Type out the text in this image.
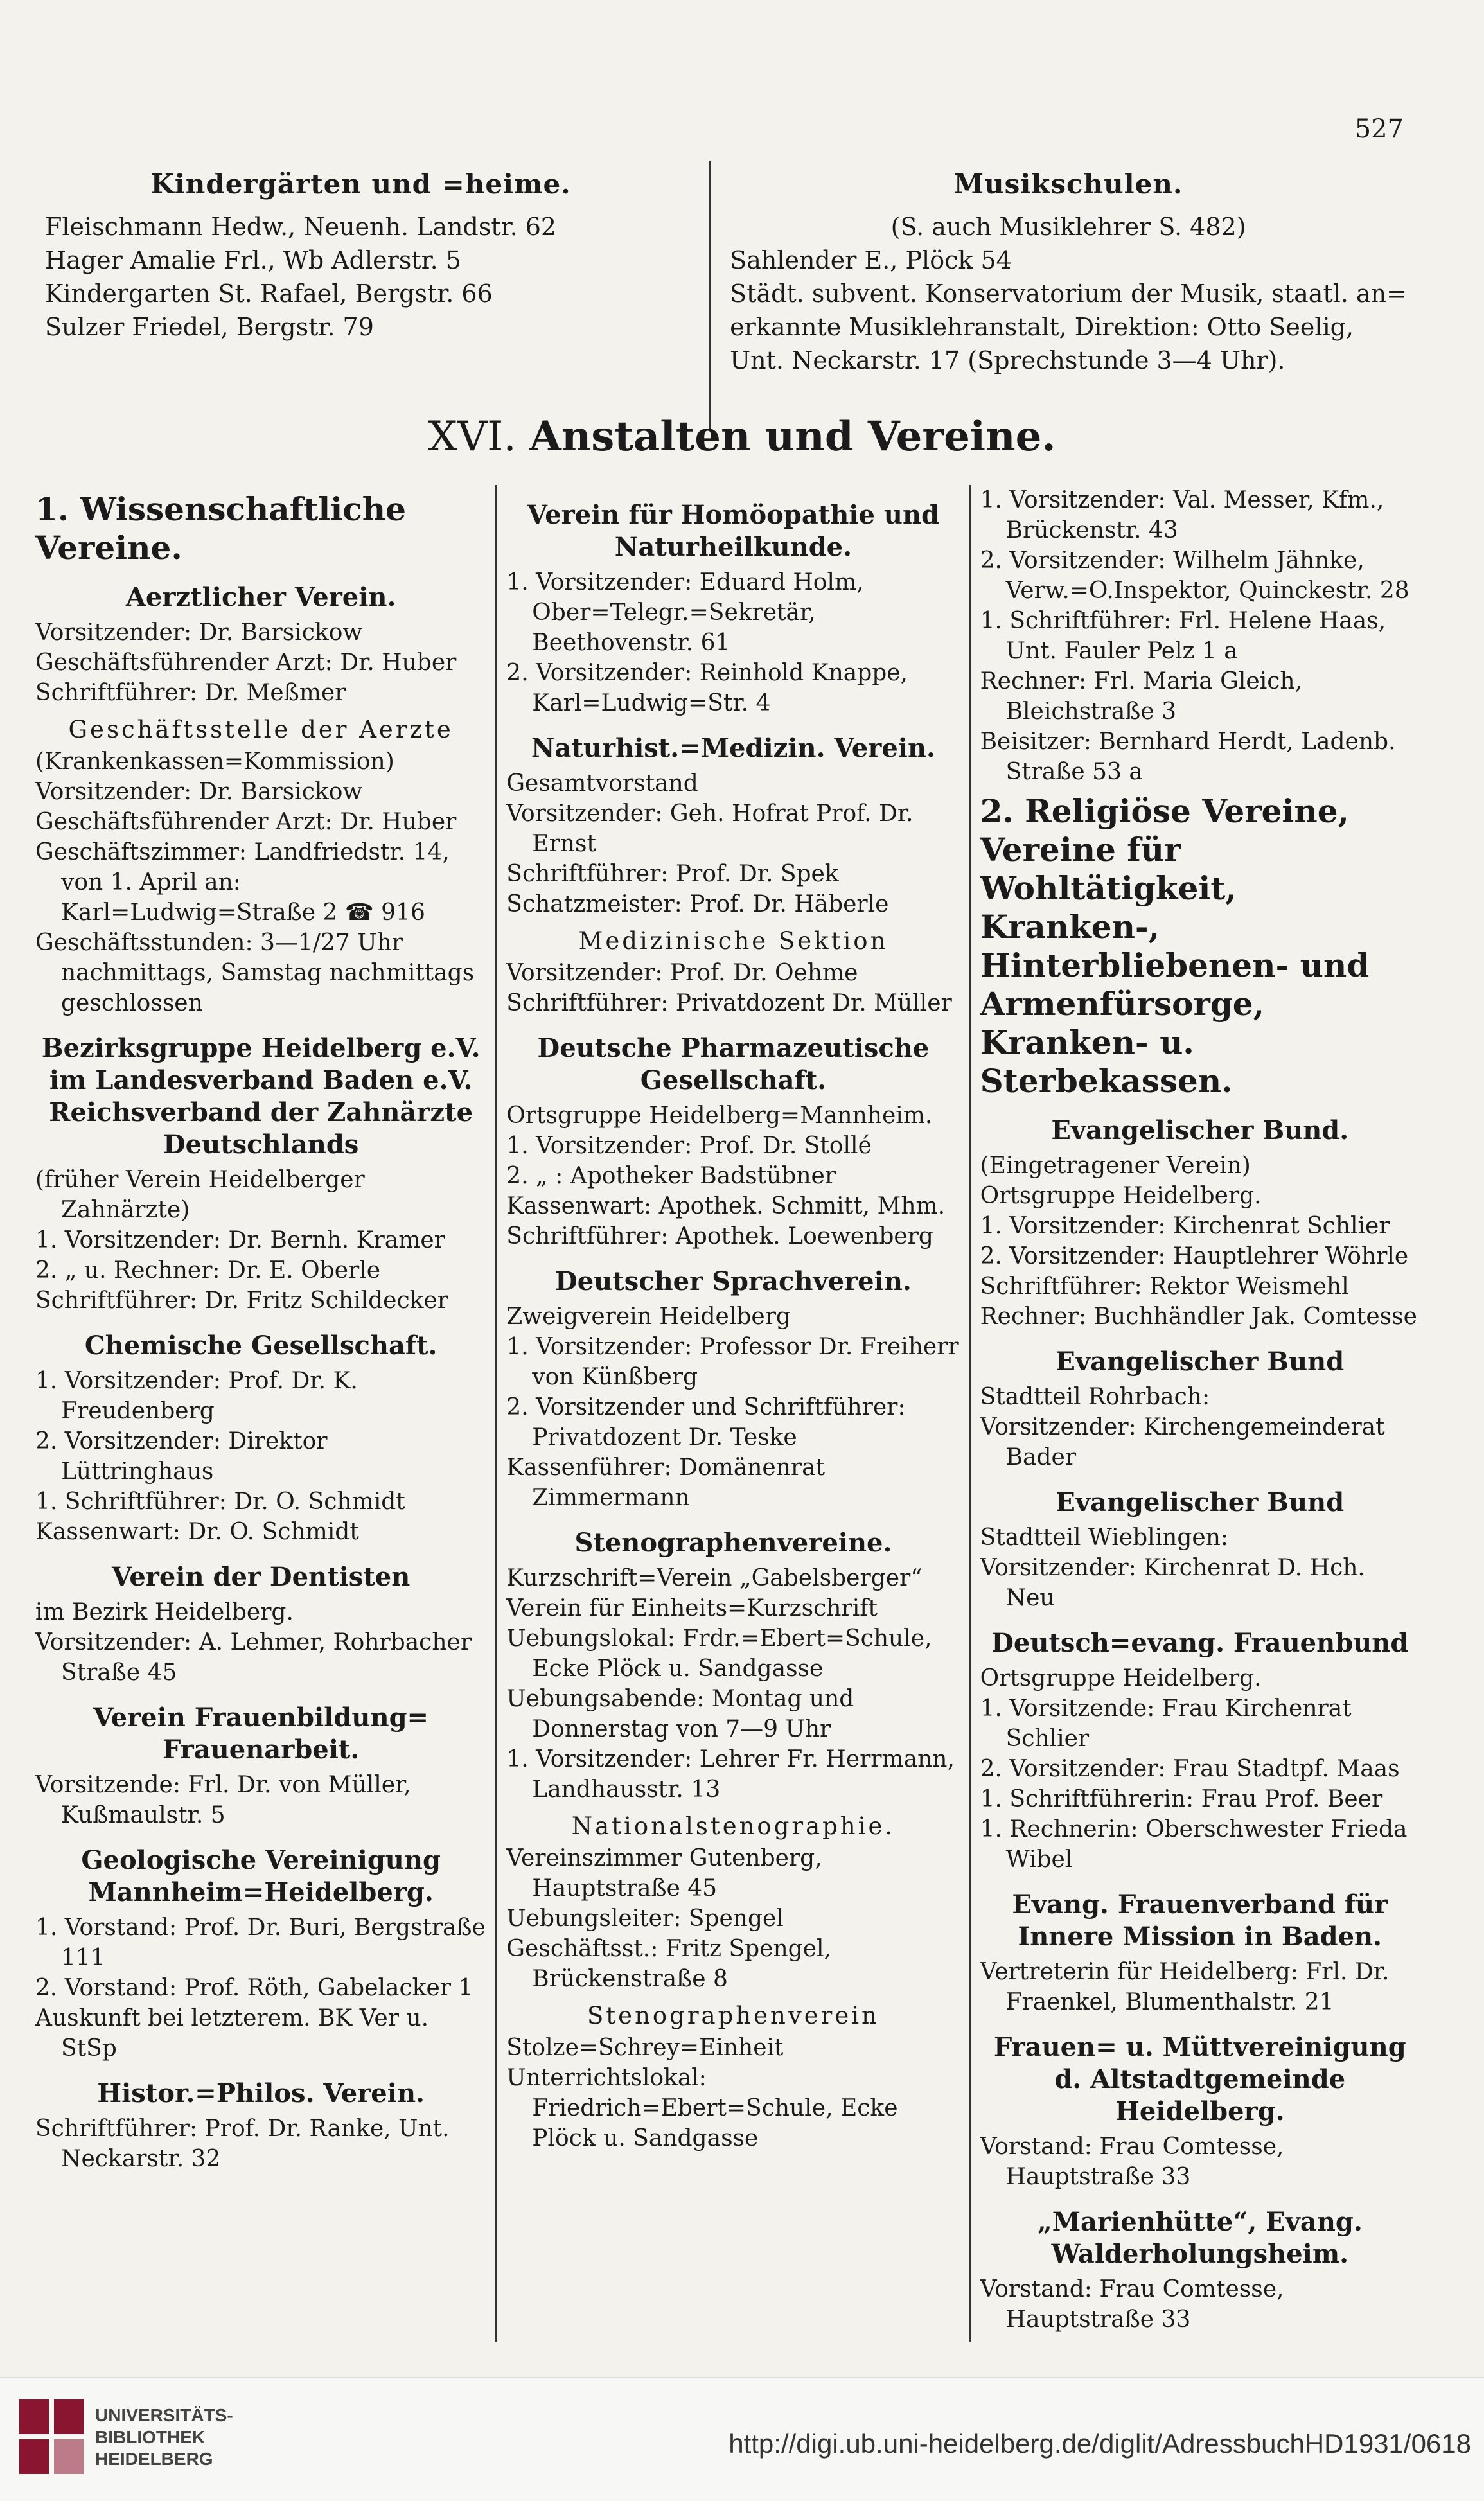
527
Kindergärten und =heime.
Fleischmann Hedw., Neuenh. Landstr. 62
Hager Amalie Frl., Wb Adlerstr. 5
Kindergarten St. Rafael, Bergstr. 66
Sulzer Friedel, Bergstr. 79
Musikschulen.
(S. auch Musiklehrer S. 482)
Sahlender E., Plöck 54
Städt. subvent. Konservatorium der Musik, staatl. an=
erkannte Musiklehranstalt, Direktion: Otto Seelig,
Unt. Neckarstr. 17 (Sprechstunde 3—4 Uhr).
XVI. Anstalten und Vereine.
1. Wissenschaftliche Vereine.
Aerztlicher Verein.
Vorsitzender: Dr. Barsickow
Geschäftsführender Arzt: Dr. Huber
Schriftführer: Dr. Meßmer
Geschäftsstelle der Aerzte
(Krankenkassen=Kommission)
Vorsitzender: Dr. Barsickow
Geschäftsführender Arzt: Dr. Huber
Geschäftszimmer: Landfriedstr. 14, von 1. April an: Karl=Ludwig=Straße 2 ☎ 916
Geschäftsstunden: 3—1/27 Uhr nachmittags, Samstag nachmittags geschlossen
Bezirksgruppe Heidelberg e.V. im Landesverband Baden e.V. Reichsverband der Zahnärzte Deutschlands
(früher Verein Heidelberger Zahnärzte)
1. Vorsitzender: Dr. Bernh. Kramer
2. „ u. Rechner: Dr. E. Oberle
Schriftführer: Dr. Fritz Schildecker
Chemische Gesellschaft.
1. Vorsitzender: Prof. Dr. K. Freudenberg
2. Vorsitzender: Direktor Lüttringhaus
1. Schriftführer: Dr. O. Schmidt
Kassenwart: Dr. O. Schmidt
Verein der Dentisten
im Bezirk Heidelberg.
Vorsitzender: A. Lehmer, Rohrbacher Straße 45
Verein Frauenbildung= Frauenarbeit.
Vorsitzende: Frl. Dr. von Müller, Kußmaulstr. 5
Geologische Vereinigung Mannheim=Heidelberg.
1. Vorstand: Prof. Dr. Buri, Bergstraße 111
2. Vorstand: Prof. Röth, Gabelacker 1
Auskunft bei letzterem. BK Ver u. StSp
Histor.=Philos. Verein.
Schriftführer: Prof. Dr. Ranke, Unt. Neckarstr. 32
Verein für Homöopathie und Naturheilkunde.
1. Vorsitzender: Eduard Holm, Ober=Telegr.=Sekretär, Beethovenstr. 61
2. Vorsitzender: Reinhold Knappe, Karl=Ludwig=Str. 4
Naturhist.=Medizin. Verein.
Gesamtvorstand
Vorsitzender: Geh. Hofrat Prof. Dr. Ernst
Schriftführer: Prof. Dr. Spek
Schatzmeister: Prof. Dr. Häberle
Medizinische Sektion
Vorsitzender: Prof. Dr. Oehme
Schriftführer: Privatdozent Dr. Müller
Deutsche Pharmazeutische Gesellschaft.
Ortsgruppe Heidelberg=Mannheim.
1. Vorsitzender: Prof. Dr. Stollé
2. „ : Apotheker Badstübner
Kassenwart: Apothek. Schmitt, Mhm.
Schriftführer: Apothek. Loewenberg
Deutscher Sprachverein.
Zweigverein Heidelberg
1. Vorsitzender: Professor Dr. Freiherr von Künßberg
2. Vorsitzender und Schriftführer: Privatdozent Dr. Teske
Kassenführer: Domänenrat Zimmermann
Stenographenvereine.
Kurzschrift=Verein „Gabelsberger“
Verein für Einheits=Kurzschrift
Uebungslokal: Frdr.=Ebert=Schule, Ecke Plöck u. Sandgasse
Uebungsabende: Montag und Donnerstag von 7—9 Uhr
1. Vorsitzender: Lehrer Fr. Herrmann, Landhausstr. 13
Nationalstenographie.
Vereinszimmer Gutenberg, Hauptstraße 45
Uebungsleiter: Spengel
Geschäftsst.: Fritz Spengel, Brückenstraße 8
Stenographenverein
Stolze=Schrey=Einheit
Unterrichtslokal: Friedrich=Ebert=Schule, Ecke Plöck u. Sandgasse
1. Vorsitzender: Val. Messer, Kfm., Brückenstr. 43
2. Vorsitzender: Wilhelm Jähnke, Verw.=O.Inspektor, Quinckestr. 28
1. Schriftführer: Frl. Helene Haas, Unt. Fauler Pelz 1 a
Rechner: Frl. Maria Gleich, Bleichstraße 3
Beisitzer: Bernhard Herdt, Ladenb. Straße 53 a
2. Religiöse Vereine, Vereine für Wohltätigkeit, Kranken-, Hinterbliebenen- und Armenfürsorge, Kranken- u. Sterbekassen.
Evangelischer Bund.
(Eingetragener Verein)
Ortsgruppe Heidelberg.
1. Vorsitzender: Kirchenrat Schlier
2. Vorsitzender: Hauptlehrer Wöhrle
Schriftführer: Rektor Weismehl
Rechner: Buchhändler Jak. Comtesse
Evangelischer Bund
Stadtteil Rohrbach:
Vorsitzender: Kirchengemeinderat Bader
Evangelischer Bund
Stadtteil Wieblingen:
Vorsitzender: Kirchenrat D. Hch. Neu
Deutsch=evang. Frauenbund
Ortsgruppe Heidelberg.
1. Vorsitzende: Frau Kirchenrat Schlier
2. Vorsitzender: Frau Stadtpf. Maas
1. Schriftführerin: Frau Prof. Beer
1. Rechnerin: Oberschwester Frieda Wibel
Evang. Frauenverband für Innere Mission in Baden.
Vertreterin für Heidelberg: Frl. Dr. Fraenkel, Blumenthalstr. 21
Frauen= u. Müttvereinigung d. Altstadtgemeinde Heidelberg.
Vorstand: Frau Comtesse, Hauptstraße 33
„Marienhütte“, Evang. Walderholungsheim.
Vorstand: Frau Comtesse, Hauptstraße 33
UNIVERSITÄTS-
BIBLIOTHEK
HEIDELBERG
http://digi.ub.uni-heidelberg.de/diglit/AdressbuchHD1931/0618
